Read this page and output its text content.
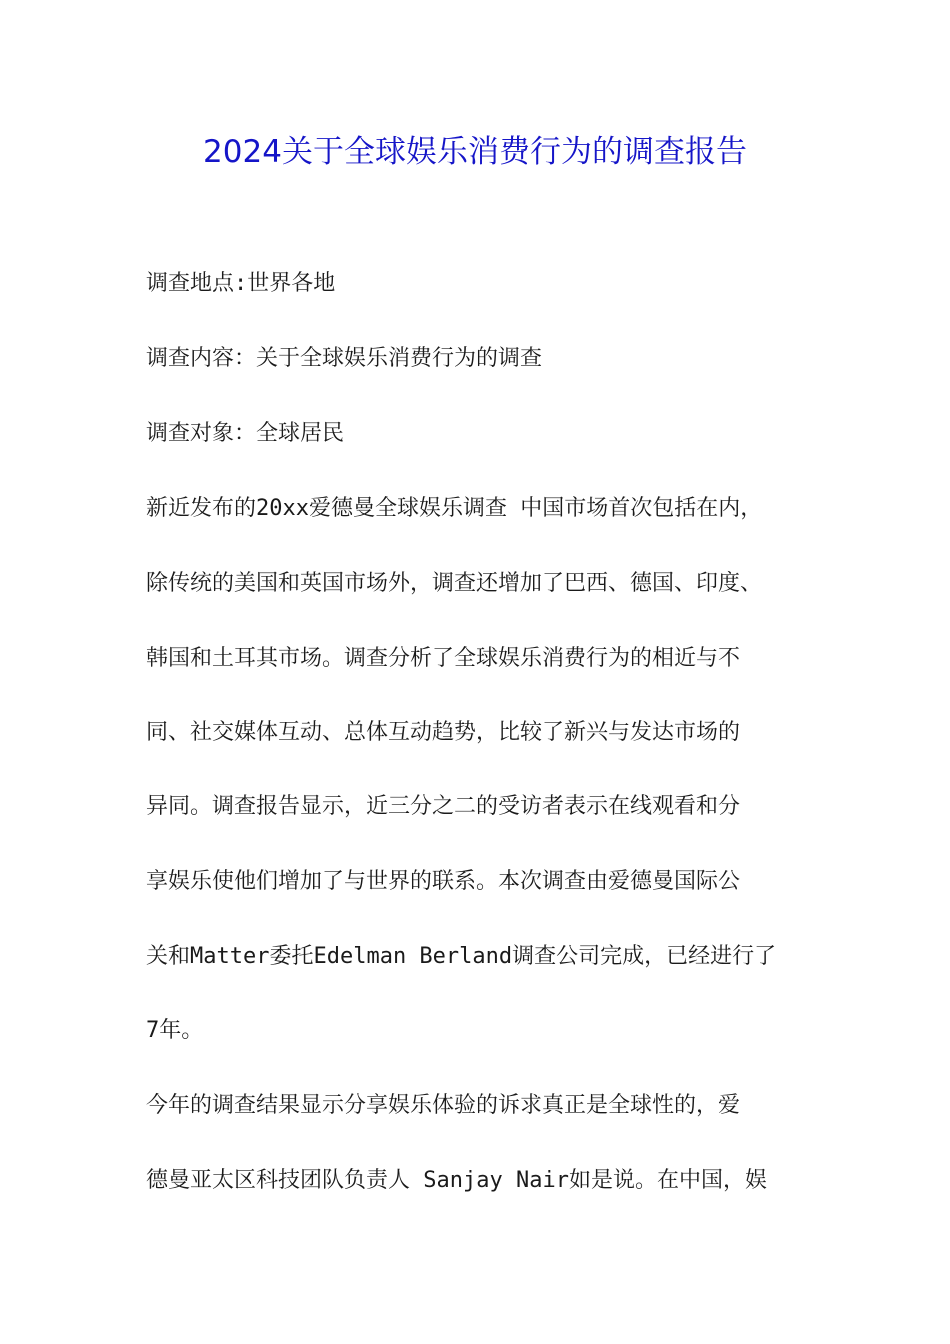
2024关于全球娱乐消费行为的调查报告
调查地点:世界各地
调查内容：关于全球娱乐消费行为的调查
调查对象：全球居民
新近发布的20xx爱德曼全球娱乐调查 中国市场首次包括在内，
除传统的美国和英国市场外，调查还增加了巴西、德国、印度、
韩国和土耳其市场。调查分析了全球娱乐消费行为的相近与不
同、社交媒体互动、总体互动趋势，比较了新兴与发达市场的
异同。调查报告显示，近三分之二的受访者表示在线观看和分
享娱乐使他们增加了与世界的联系。本次调查由爱德曼国际公
关和Matter委托Edelman Berland调查公司完成，已经进行了
7年。
今年的调查结果显示分享娱乐体验的诉求真正是全球性的，爱
德曼亚太区科技团队负责人 Sanjay Nair如是说。在中国，娱
